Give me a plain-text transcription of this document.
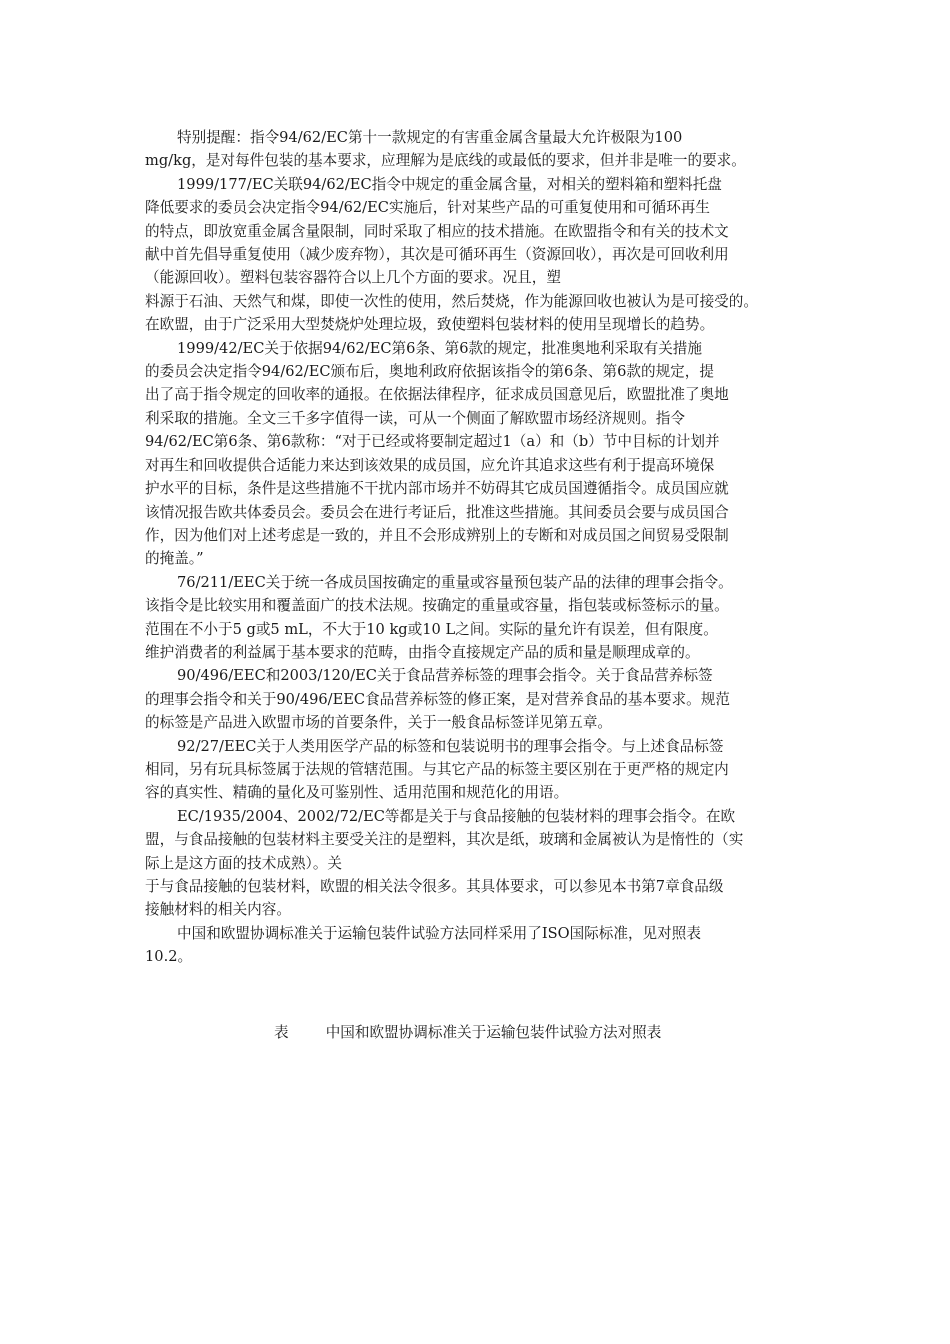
特别提醒：指令94/62/EC第十一款规定的有害重金属含量最大允许极限为100
mg/kg，是对每件包装的基本要求，应理解为是底线的或最低的要求，但并非是唯一的要求。

1999/177/EC关联94/62/EC指令中规定的重金属含量，对相关的塑料箱和塑料托盘
降低要求的委员会决定指令94/62/EC实施后，针对某些产品的可重复使用和可循环再生
的特点，即放宽重金属含量限制，同时采取了相应的技术措施。在欧盟指令和有关的技术文
献中首先倡导重复使用（减少废弃物），其次是可循环再生（资源回收），再次是可回收利用
（能源回收）。塑料包装容器符合以上几个方面的要求。况且，塑
料源于石油、天然气和煤，即使一次性的使用，然后焚烧，作为能源回收也被认为是可接受的。
在欧盟，由于广泛采用大型焚烧炉处理垃圾，致使塑料包装材料的使用呈现增长的趋势。

1999/42/EC关于依据94/62/EC第6条、第6款的规定，批准奥地利采取有关措施
的委员会决定指令94/62/EC颁布后，奥地利政府依据该指令的第6条、第6款的规定，提
出了高于指令规定的回收率的通报。在依据法律程序，征求成员国意见后，欧盟批准了奥地
利采取的措施。全文三千多字值得一读，可从一个侧面了解欧盟市场经济规则。指令
94/62/EC第6条、第6款称：“对于已经或将要制定超过1（a）和（b）节中目标的计划并
对再生和回收提供合适能力来达到该效果的成员国，应允许其追求这些有利于提高环境保
护水平的目标，条件是这些措施不干扰内部市场并不妨碍其它成员国遵循指令。成员国应就
该情况报告欧共体委员会。委员会在进行考证后，批准这些措施。其间委员会要与成员国合
作，因为他们对上述考虑是一致的，并且不会形成辨别上的专断和对成员国之间贸易受限制
的掩盖。”

76/211/EEC关于统一各成员国按确定的重量或容量预包装产品的法律的理事会指令。
该指令是比较实用和覆盖面广的技术法规。按确定的重量或容量，指包装或标签标示的量。
范围在不小于5 g或5 mL，不大于10 kg或10 L之间。实际的量允许有误差，但有限度。
维护消费者的利益属于基本要求的范畴，由指令直接规定产品的质和量是顺理成章的。

90/496/EEC和2003/120/EC关于食品营养标签的理事会指令。关于食品营养标签
的理事会指令和关于90/496/EEC食品营养标签的修正案，是对营养食品的基本要求。规范
的标签是产品进入欧盟市场的首要条件，关于一般食品标签详见第五章。

92/27/EEC关于人类用医学产品的标签和包装说明书的理事会指令。与上述食品标签
相同，另有玩具标签属于法规的管辖范围。与其它产品的标签主要区别在于更严格的规定内
容的真实性、精确的量化及可鉴别性、适用范围和规范化的用语。

EC/1935/2004、2002/72/EC等都是关于与食品接触的包装材料的理事会指令。在欧
盟，与食品接触的包装材料主要受关注的是塑料，其次是纸，玻璃和金属被认为是惰性的（实
际上是这方面的技术成熟）。关
于与食品接触的包装材料，欧盟的相关法令很多。其具体要求，可以参见本书第7章食品级
接触材料的相关内容。

中国和欧盟协调标准关于运输包装件试验方法同样采用了ISO国际标准，见对照表
10.2。

表        中国和欧盟协调标准关于运输包装件试验方法对照表
